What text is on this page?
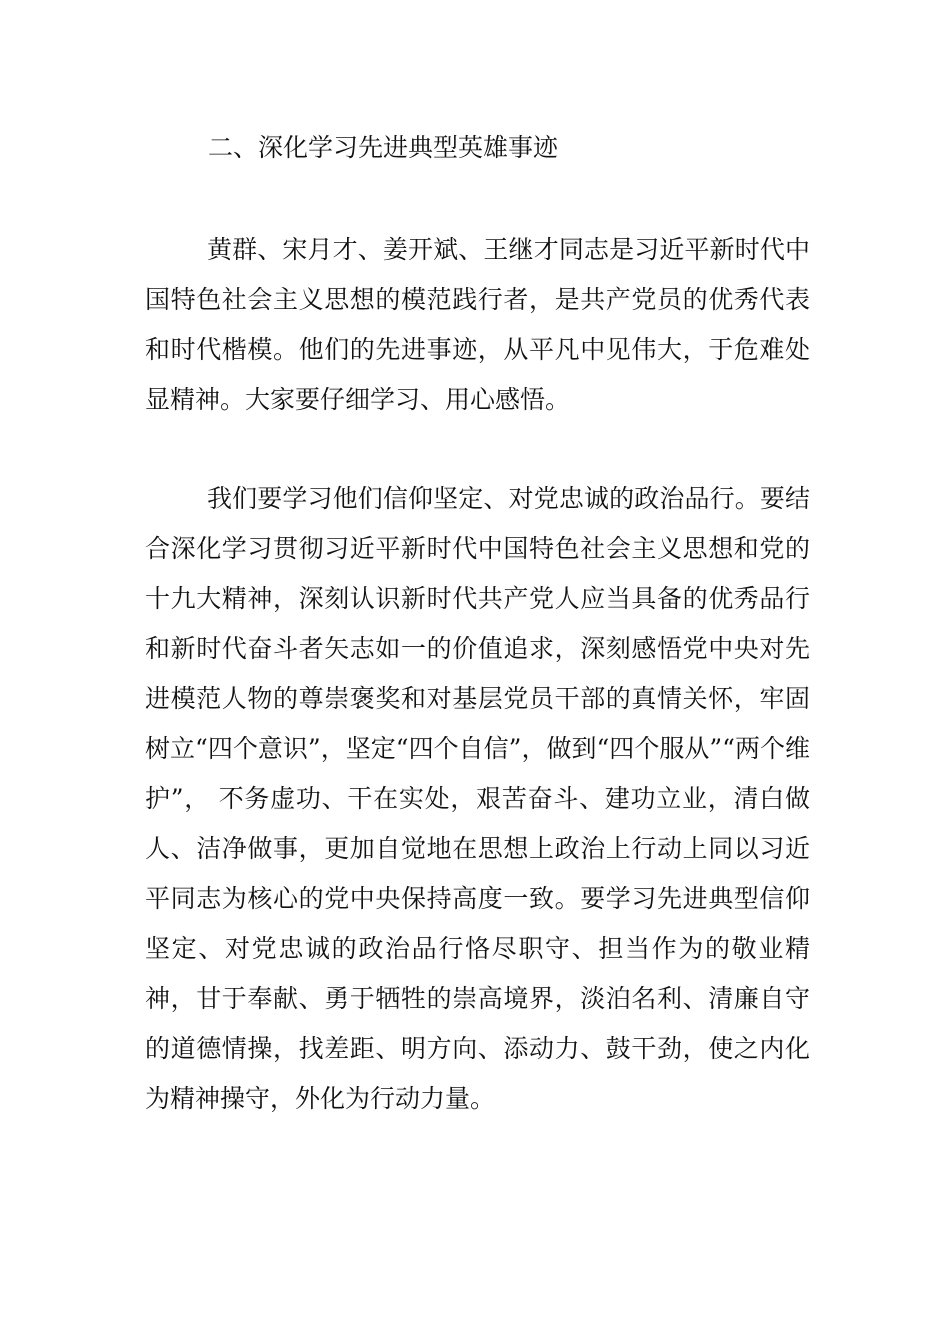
二、深化学习先进典型英雄事迹

黄群、宋月才、姜开斌、王继才同志是习近平新时代中国特色社会主义思想的模范践行者，是共产党员的优秀代表和时代楷模。他们的先进事迹，从平凡中见伟大，于危难处显精神。大家要仔细学习、用心感悟。

我们要学习他们信仰坚定、对党忠诚的政治品行。要结合深化学习贯彻习近平新时代中国特色社会主义思想和党的十九大精神，深刻认识新时代共产党人应当具备的优秀品行和新时代奋斗者矢志如一的价值追求，深刻感悟党中央对先进模范人物的尊崇褒奖和对基层党员干部的真情关怀，牢固树立“四个意识”，坚定“四个自信”，做到“四个服从”“两个维护”， 不务虚功、干在实处，艰苦奋斗、建功立业，清白做人、洁净做事，更加自觉地在思想上政治上行动上同以习近平同志为核心的党中央保持高度一致。要学习先进典型信仰坚定、对党忠诚的政治品行恪尽职守、担当作为的敬业精神，甘于奉献、勇于牺牲的崇高境界，淡泊名利、清廉自守的道德情操，找差距、明方向、添动力、鼓干劲，使之内化为精神操守，外化为行动力量。
